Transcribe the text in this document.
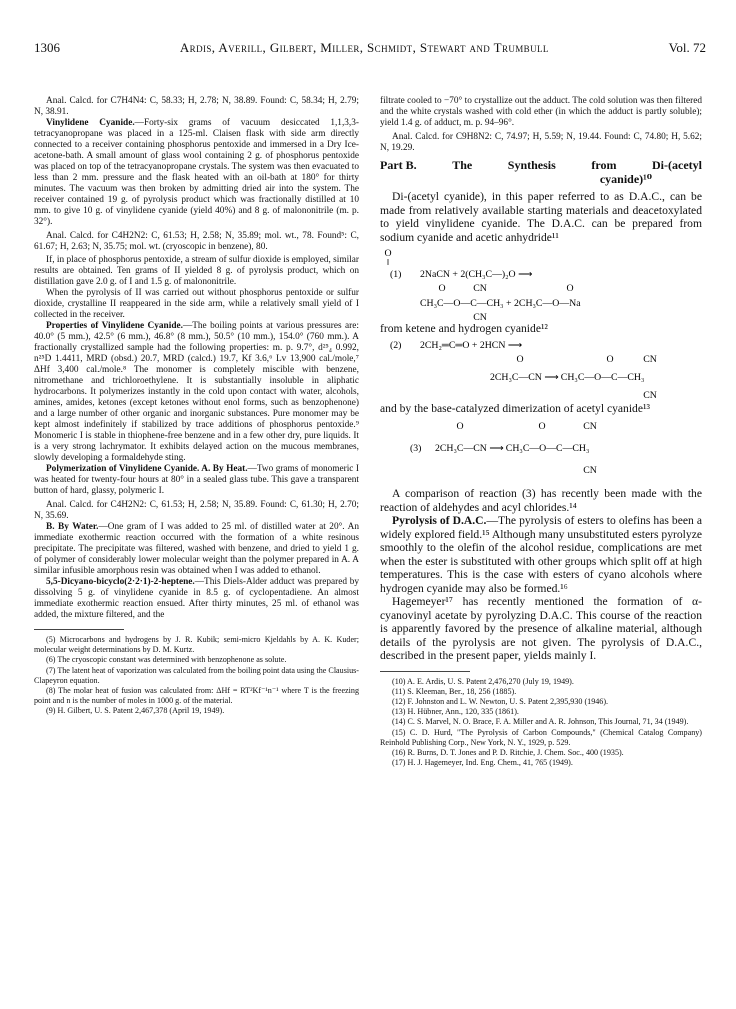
1306	Ardis, Averill, Gilbert, Miller, Schmidt, Stewart and Trumbull	Vol. 72

Anal. Calcd. for C7H4N4: C, 58.33; H, 2.78; N, 38.89. Found: C, 58.34; H, 2.79; N, 38.91.

Vinylidene Cyanide.—Forty-six grams of vacuum desiccated 1,1,3,3-tetracyanopropane was placed in a 125-ml. Claisen flask with side arm directly connected to a receiver containing phosphorus pentoxide and immersed in a Dry Ice-acetone-bath. A small amount of glass wool containing 2 g. of phosphorus pentoxide was placed on top of the tetracyanopropane crystals. The system was then evacuated to less than 2 mm. pressure and the flask heated with an oil-bath at 180° for thirty minutes. The vacuum was then broken by admitting dried air into the system. The receiver contained 19 g. of pyrolysis product which was fractionally distilled at 10 mm. to give 10 g. of vinylidene cyanide (yield 40%) and 8 g. of malononitrile (m. p. 32°).

Anal. Calcd. for C4H2N2: C, 61.53; H, 2.58; N, 35.89; mol. wt., 78. Found⁵: C, 61.67; H, 2.63; N, 35.75; mol. wt. (cryoscopic in benzene), 80.

If, in place of phosphorus pentoxide, a stream of sulfur dioxide is employed, similar results are obtained. Ten grams of II yielded 8 g. of pyrolysis product, which on distillation gave 2.0 g. of I and 1.5 g. of malononitrile.

When the pyrolysis of II was carried out without phosphorus pentoxide or sulfur dioxide, crystalline II reappeared in the side arm, while a relatively small yield of I collected in the receiver.

Properties of Vinylidene Cyanide.—The boiling points at various pressures are: 40.0° (5 mm.), 42.5° (6 mm.), 46.8° (8 mm.), 50.5° (10 mm.), 154.0° (760 mm.). A fractionally crystallized sample had the following properties: m. p. 9.7°, d²⁵₄ 0.992, n²⁵D 1.4411, MRD (obsd.) 20.7, MRD (calcd.) 19.7, Kf 3.6,⁶ Lv 13,900 cal./mole,⁷ ΔHf 3,400 cal./mole.⁸ The monomer is completely miscible with benzene, nitromethane and trichloroethylene. It is substantially insoluble in aliphatic hydrocarbons. It polymerizes instantly in the cold upon contact with water, alcohols, amines, amides, ketones (except ketones without enol forms, such as benzophenone) and a large number of other organic and inorganic substances. Pure monomer may be kept almost indefinitely if stabilized by trace additions of phosphorus pentoxide.⁹ Monomeric I is stable in thiophene-free benzene and in a few other dry, pure liquids. It is a very strong lachrymator. It exhibits delayed action on the mucous membranes, slowly developing a formaldehyde sting.

Polymerization of Vinylidene Cyanide. A. By Heat.—Two grams of monomeric I was heated for twenty-four hours at 80° in a sealed glass tube. This gave a transparent button of hard, glassy, polymeric I.

Anal. Calcd. for C4H2N2: C, 61.53; H, 2.58; N, 35.89. Found: C, 61.30; H, 2.70; N, 35.69.

B. By Water.—One gram of I was added to 25 ml. of distilled water at 20°. An immediate exothermic reaction occurred with the formation of a white resinous precipitate. The precipitate was filtered, washed with benzene, and dried to yield 1 g. of polymer of considerably lower molecular weight than the polymer prepared in A. A similar infusible amorphous resin was obtained when I was added to ethanol.

5,5-Dicyano-bicyclo(2·2·1)-2-heptene.—This Diels-Alder adduct was prepared by dissolving 5 g. of vinylidene cyanide in 8.5 g. of cyclopentadiene. An almost immediate exothermic reaction ensued. After thirty minutes, 25 ml. of ethanol was added, the mixture filtered, and the

(5) Microcarbons and hydrogens by J. R. Kubik; semi-micro Kjeldahls by A. K. Kuder; molecular weight determinations by D. M. Kurtz.

(6) The cryoscopic constant was determined with benzophenone as solute.

(7) The latent heat of vaporization was calculated from the boiling point data using the Clausius-Clapeyron equation.

(8) The molar heat of fusion was calculated from: ΔHf = RT²Kf⁻¹n⁻¹ where T is the freezing point and n is the number of moles in 1000 g. of the material.

(9) H. Gilbert, U. S. Patent 2,467,378 (April 19, 1949).

filtrate cooled to −70° to crystallize out the adduct. The cold solution was then filtered and the white crystals washed with cold ether (in which the adduct is partly soluble); yield 1.4 g. of adduct, m. p. 94–96°.

Anal. Calcd. for C9H8N2: C, 74.97; H, 5.59; N, 19.44. Found: C, 74.80; H, 5.62; N, 19.29.

Part B.	The	Synthesis	from	Di-(acetyl
cyanide)¹⁰

Di-(acetyl cyanide), in this paper referred to as D.A.C., can be made from relatively available starting materials and deacetoxylated to yield vinylidene cyanide. The D.A.C. can be prepared from sodium cyanide and acetic anhydride¹¹

O
(1) 2NaCN + 2(CH₃C—)₂O ⟶
O	CN	O
CH₃C—O—C—CH₃ + 2CH₃C—O—Na
CN

from ketene and hydrogen cyanide¹²

(2) 2CH₂═C═O + 2HCN ⟶
O	O	CN
2CH₃C—CN ⟶ CH₃C—O—C—CH₃
CN

and by the base-catalyzed dimerization of acetyl cyanide¹³

O	O	CN
(3) 2CH₃C—CN ⟶ CH₃C—O—C—CH₃
CN

A comparison of reaction (3) has recently been made with the reaction of aldehydes and acyl chlorides.¹⁴

Pyrolysis of D.A.C.—The pyrolysis of esters to olefins has been a widely explored field.¹⁵ Although many unsubstituted esters pyrolyze smoothly to the olefin of the alcohol residue, complications are met when the ester is substituted with other groups which split off at high temperatures. This is the case with esters of cyano alcohols where hydrogen cyanide may also be formed.¹⁶

Hagemeyer¹⁷ has recently mentioned the formation of α-cyanovinyl acetate by pyrolyzing D.A.C. This course of the reaction is apparently favored by the presence of alkaline material, although details of the pyrolysis are not given. The pyrolysis of D.A.C., described in the present paper, yields mainly I.

(10) A. E. Ardis, U. S. Patent 2,476,270 (July 19, 1949).

(11) S. Kleeman, Ber., 18, 256 (1885).

(12) F. Johnston and L. W. Newton, U. S. Patent 2,395,930 (1946).

(13) H. Hübner, Ann., 120, 335 (1861).

(14) C. S. Marvel, N. O. Brace, F. A. Miller and A. R. Johnson, This Journal, 71, 34 (1949).

(15) C. D. Hurd, "The Pyrolysis of Carbon Compounds," (Chemical Catalog Company) Reinhold Publishing Corp., New York, N. Y., 1929, p. 529.

(16) R. Burns, D. T. Jones and P. D. Ritchie, J. Chem. Soc., 400 (1935).

(17) H. J. Hagemeyer, Ind. Eng. Chem., 41, 765 (1949).
